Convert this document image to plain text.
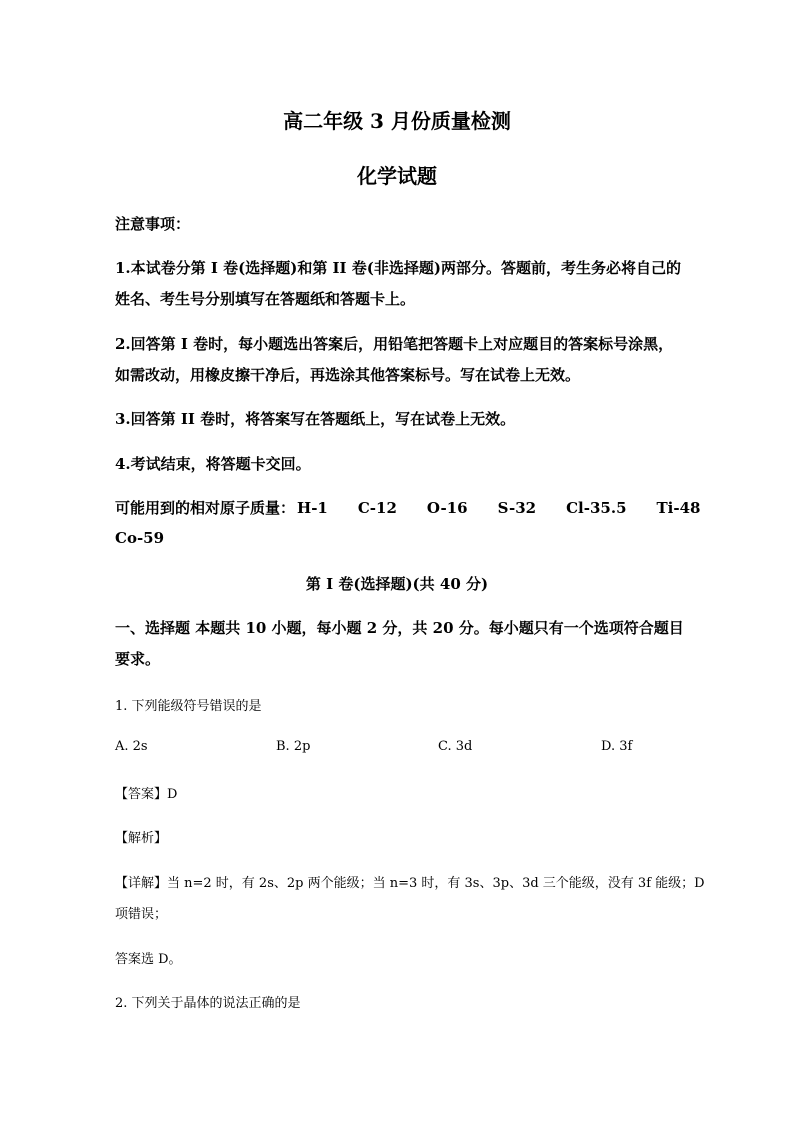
高二年级 3 月份质量检测
化学试题
注意事项：
1.本试卷分第 I 卷(选择题)和第 II 卷(非选择题)两部分。答题前，考生务必将自己的
姓名、考生号分别填写在答题纸和答题卡上。
2.回答第 I 卷时，每小题选出答案后，用铅笔把答题卡上对应题目的答案标号涂黑，
如需改动，用橡皮擦干净后，再选涂其他答案标号。写在试卷上无效。
3.回答第 II 卷时，将答案写在答题纸上，写在试卷上无效。
4.考试结束，将答题卡交回。
可能用到的相对原子质量： H-1 C-12 O-16 S-32 Cl-35.5 Ti-48
Co-59
第 I 卷(选择题)(共 40 分)
一、选择题 本题共 10 小题，每小题 2 分，共 20 分。每小题只有一个选项符合题目
要求。
1. 下列能级符号错误的是
A. 2s	B. 2p	C. 3d	D. 3f
【答案】D
【解析】
【详解】当 n=2 时，有 2s、2p 两个能级；当 n=3 时，有 3s、3p、3d 三个能级，没有 3f 能级；D
项错误；
答案选 D。
2. 下列关于晶体的说法正确的是
